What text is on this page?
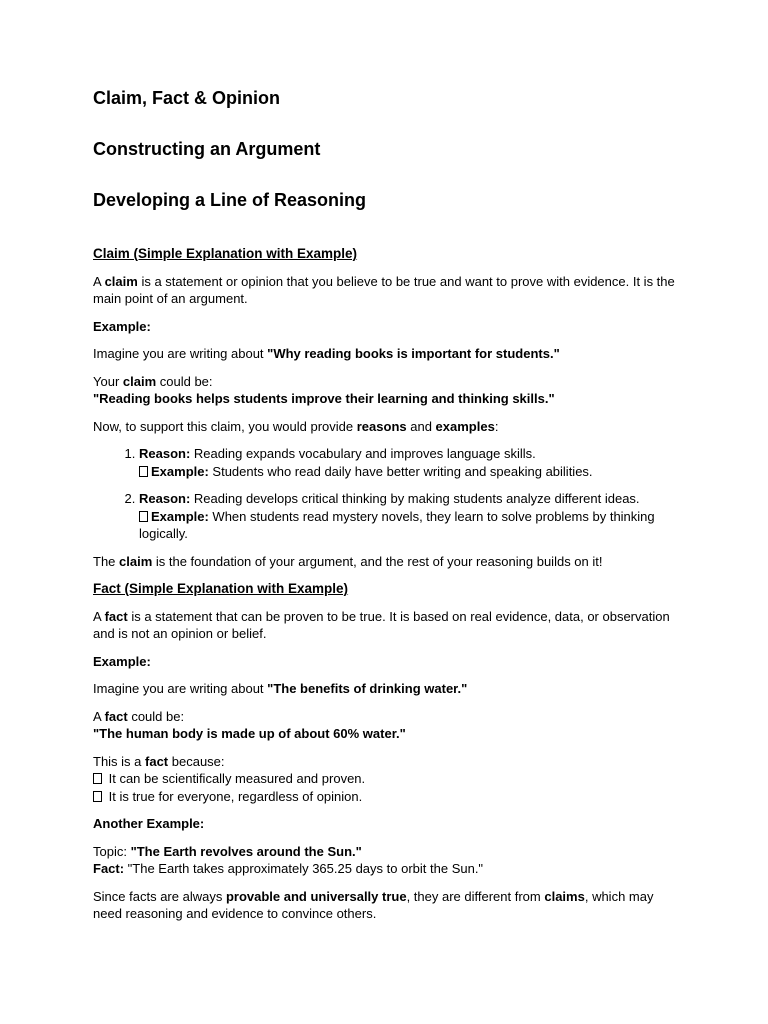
Claim, Fact & Opinion
Constructing an Argument
Developing a Line of Reasoning
Claim (Simple Explanation with Example)

A claim is a statement or opinion that you believe to be true and want to prove with evidence. It is the main point of an argument.

Example:

Imagine you are writing about "Why reading books is important for students."

Your claim could be:
"Reading books helps students improve their learning and thinking skills."

Now, to support this claim, you would provide reasons and examples:

1. Reason: Reading expands vocabulary and improves language skills.
Example: Students who read daily have better writing and speaking abilities.
2. Reason: Reading develops critical thinking by making students analyze different ideas.
Example: When students read mystery novels, they learn to solve problems by thinking logically.

The claim is the foundation of your argument, and the rest of your reasoning builds on it!

Fact (Simple Explanation with Example)

A fact is a statement that can be proven to be true. It is based on real evidence, data, or observation and is not an opinion or belief.

Example:

Imagine you are writing about "The benefits of drinking water."

A fact could be:
"The human body is made up of about 60% water."

This is a fact because:
It can be scientifically measured and proven.
It is true for everyone, regardless of opinion.

Another Example:

Topic: "The Earth revolves around the Sun."
Fact: "The Earth takes approximately 365.25 days to orbit the Sun."

Since facts are always provable and universally true, they are different from claims, which may need reasoning and evidence to convince others.
